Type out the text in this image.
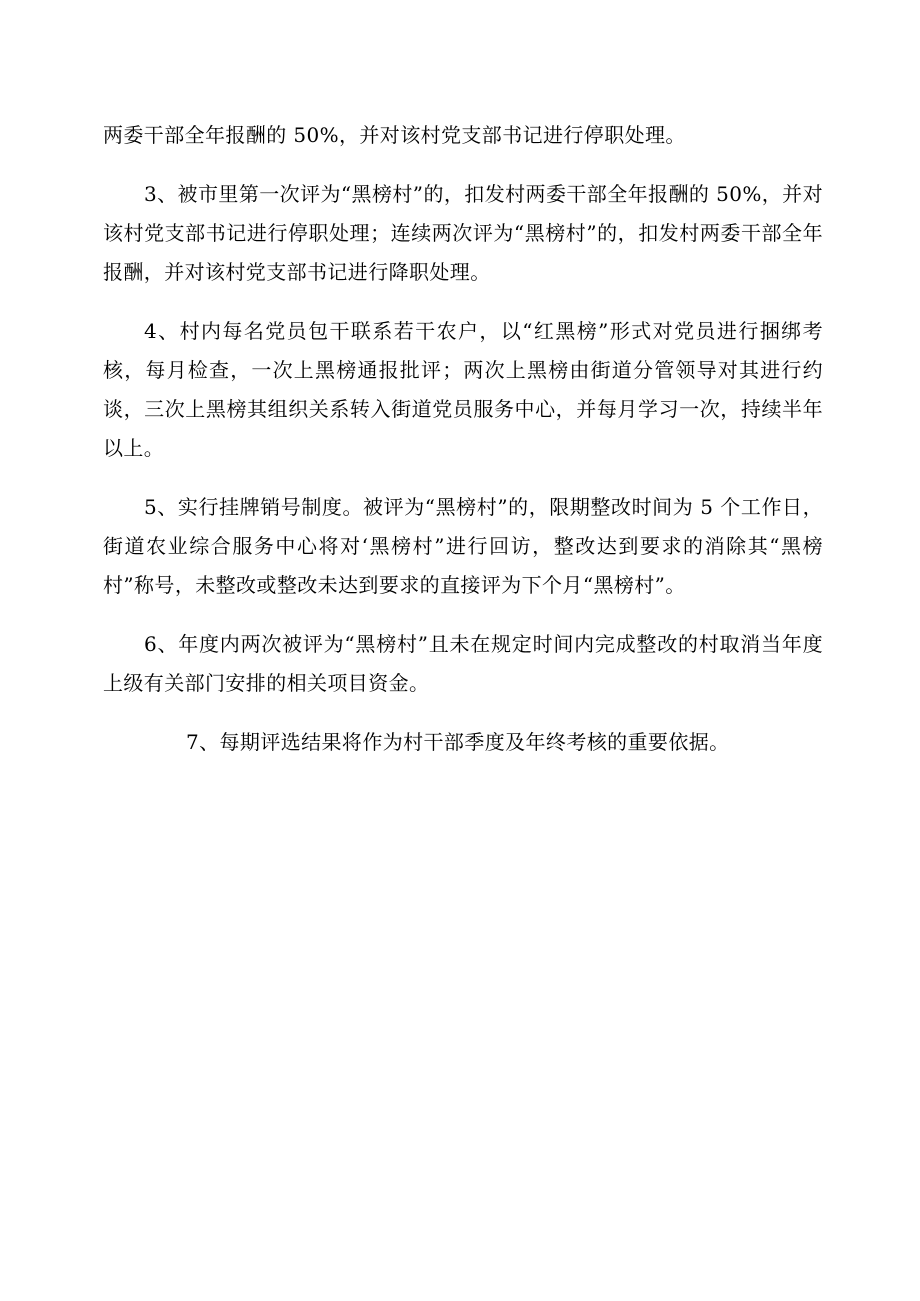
两委干部全年报酬的 50%，并对该村党支部书记进行停职处理。

3、被市里第一次评为“黑榜村”的，扣发村两委干部全年报酬的 50%，并对该村党支部书记进行停职处理；连续两次评为“黑榜村”的，扣发村两委干部全年报酬，并对该村党支部书记进行降职处理。

4、村内每名党员包干联系若干农户，以“红黑榜”形式对党员进行捆绑考核，每月检查，一次上黑榜通报批评；两次上黑榜由街道分管领导对其进行约谈，三次上黑榜其组织关系转入街道党员服务中心，并每月学习一次，持续半年以上。

5、实行挂牌销号制度。被评为“黑榜村”的，限期整改时间为 5 个工作日，街道农业综合服务中心将对‘黑榜村”进行回访，整改达到要求的消除其“黑榜村”称号，未整改或整改未达到要求的直接评为下个月“黑榜村”。

6、年度内两次被评为“黑榜村”且未在规定时间内完成整改的村取消当年度上级有关部门安排的相关项目资金。

7、每期评选结果将作为村干部季度及年终考核的重要依据。
